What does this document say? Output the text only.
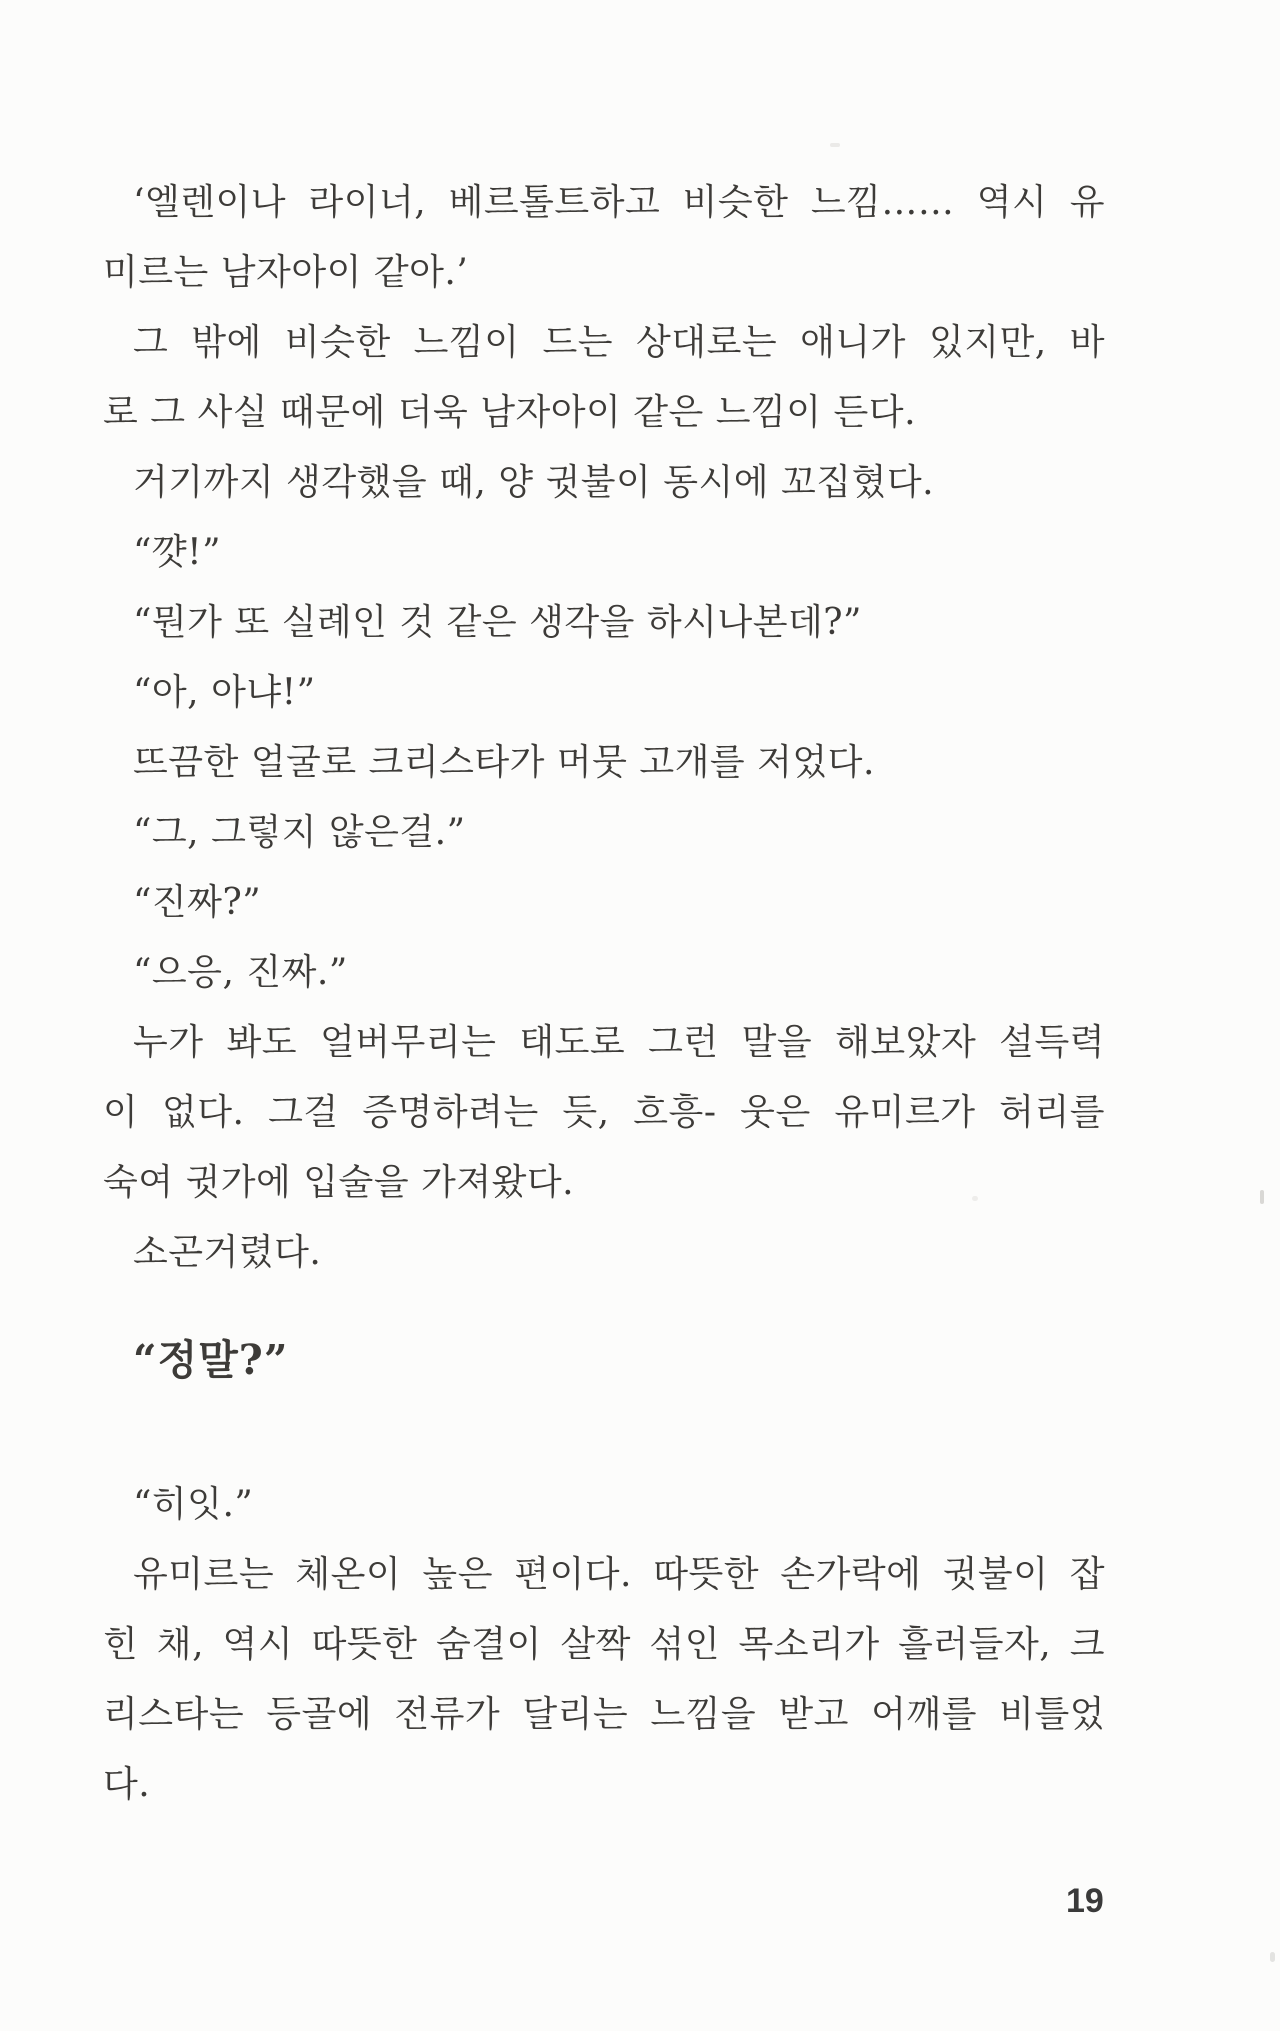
‘엘렌이나 라이너, 베르톨트하고 비슷한 느낌…… 역시 유
미르는 남자아이 같아.’
그 밖에 비슷한 느낌이 드는 상대로는 애니가 있지만, 바
로 그 사실 때문에 더욱 남자아이 같은 느낌이 든다.
거기까지 생각했을 때, 양 귓불이 동시에 꼬집혔다.
“꺗!”
“뭔가 또 실례인 것 같은 생각을 하시나본데?”
“아, 아냐!”
뜨끔한 얼굴로 크리스타가 머뭇 고개를 저었다.
“그, 그렇지 않은걸.”
“진짜?”
“으응, 진짜.”
누가 봐도 얼버무리는 태도로 그런 말을 해보았자 설득력
이 없다. 그걸 증명하려는 듯, 흐흥- 웃은 유미르가 허리를
숙여 귓가에 입술을 가져왔다.
소곤거렸다.
“정말?”
“히잇.”
유미르는 체온이 높은 편이다. 따뜻한 손가락에 귓불이 잡
힌 채, 역시 따뜻한 숨결이 살짝 섞인 목소리가 흘러들자, 크
리스타는 등골에 전류가 달리는 느낌을 받고 어깨를 비틀었
다.
19
